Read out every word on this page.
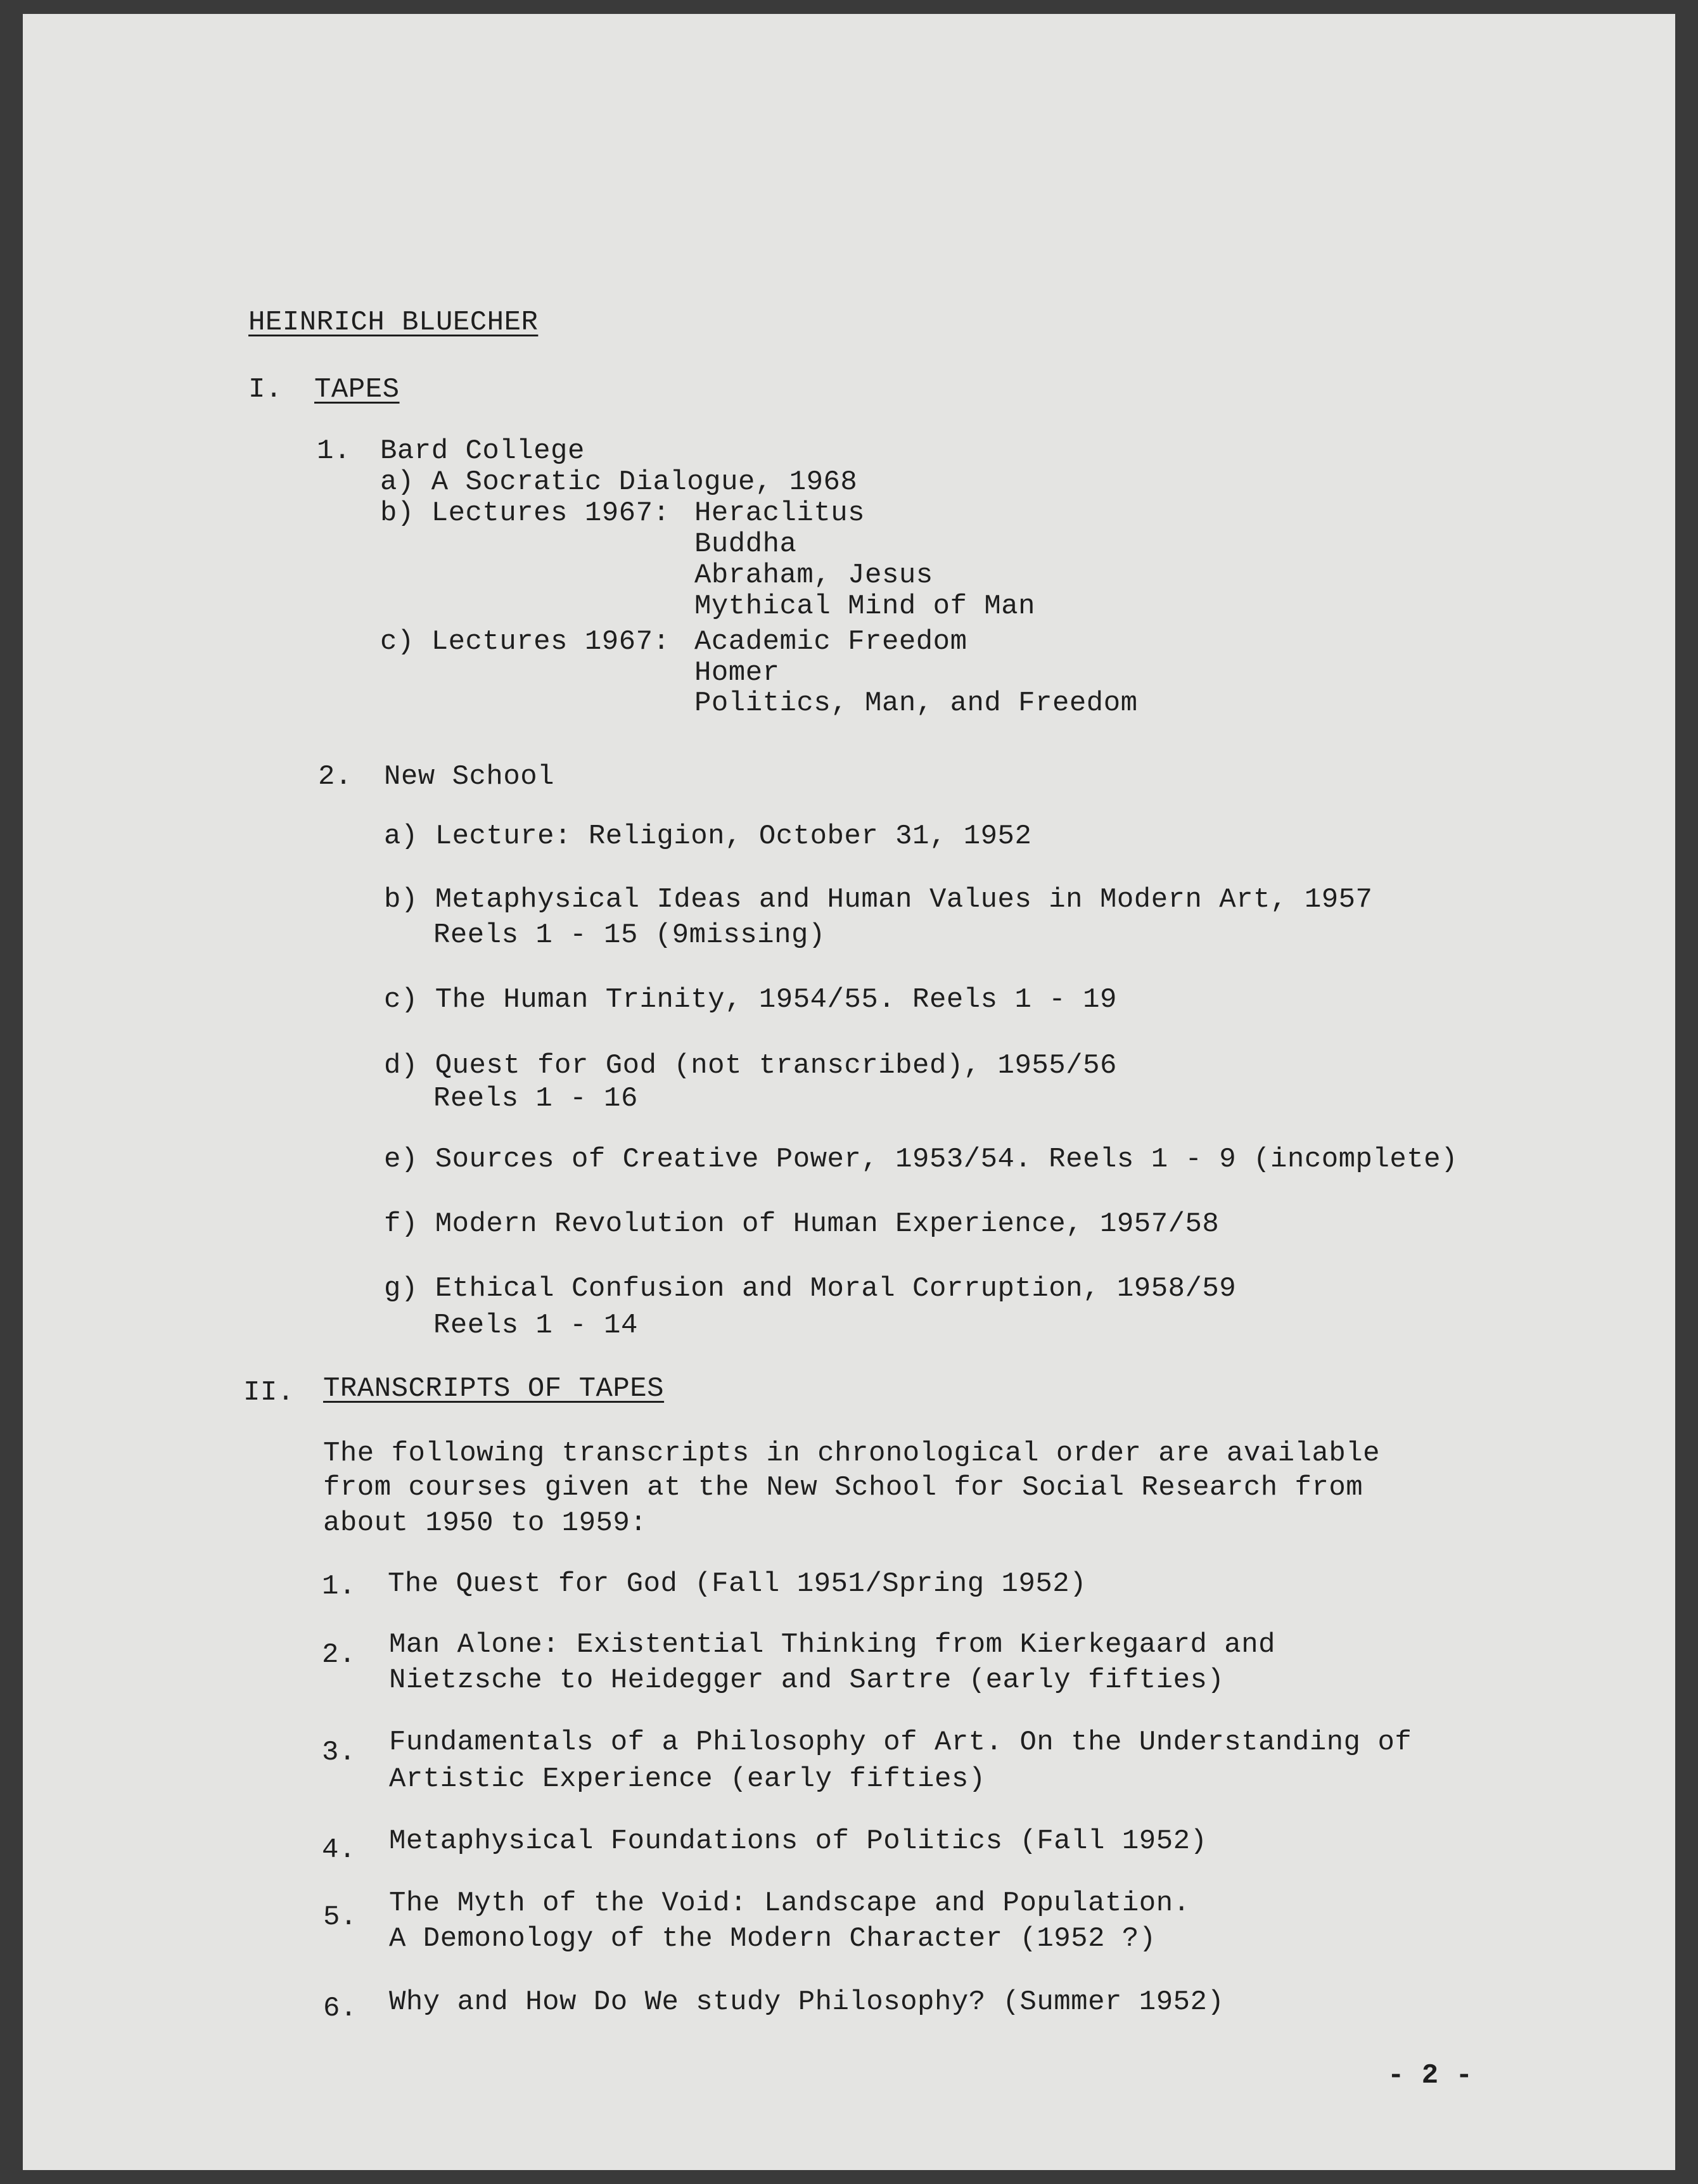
HEINRICH BLUECHER
I. TAPES
1. Bard College
a) A Socratic Dialogue, 1968
b) Lectures 1967: Heraclitus
Buddha
Abraham, Jesus
Mythical Mind of Man
c) Lectures 1967: Academic Freedom
Homer
Politics, Man, and Freedom
2. New School
a) Lecture: Religion, October 31, 1952
b) Metaphysical Ideas and Human Values in Modern Art, 1957
Reels 1 - 15 (9missing)
c) The Human Trinity, 1954/55. Reels 1 - 19
d) Quest for God (not transcribed), 1955/56
Reels 1 - 16
e) Sources of Creative Power, 1953/54. Reels 1 - 9 (incomplete)
f) Modern Revolution of Human Experience, 1957/58
g) Ethical Confusion and Moral Corruption, 1958/59
Reels 1 - 14
II. TRANSCRIPTS OF TAPES
The following transcripts in chronological order are available
from courses given at the New School for Social Research from
about 1950 to 1959:
1. The Quest for God (Fall 1951/Spring 1952)
2. Man Alone: Existential Thinking from Kierkegaard and
Nietzsche to Heidegger and Sartre (early fifties)
3. Fundamentals of a Philosophy of Art. On the Understanding of
Artistic Experience (early fifties)
4. Metaphysical Foundations of Politics (Fall 1952)
5. The Myth of the Void: Landscape and Population.
A Demonology of the Modern Character (1952 ?)
6. Why and How Do We study Philosophy? (Summer 1952)
- 2 -
